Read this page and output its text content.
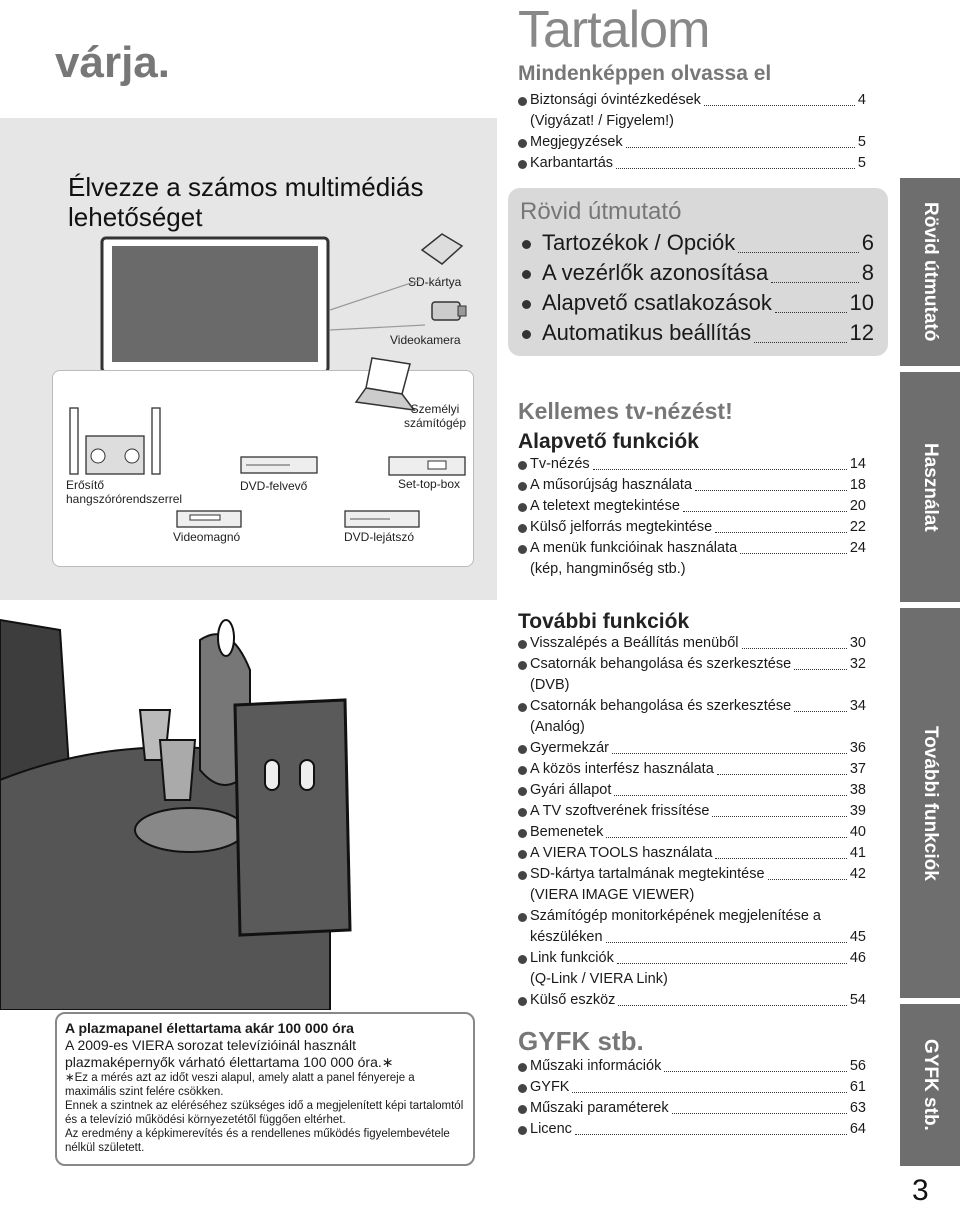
várja.
Élvezze a számos multimédiás lehetőséget
SD-kártya
Videokamera
Személyi számítógép
Erősítő hangszórórendszerrel
DVD-felvevő	Set-top-box
Videomagnó	DVD-lejátszó
A plazmapanel élettartama akár 100 000 óra
A 2009-es VIERA sorozat televízióinál használt plazmaképernyők várható élettartama 100 000 óra.∗
∗Ez a mérés azt az időt veszi alapul, amely alatt a panel fényereje a maximális szint felére csökken.
Ennek a szintnek az eléréséhez szükséges idő a megjelenített képi tartalomtól és a televízió működési környezetétől függően eltérhet.
Az eredmény a képkimerevítés és a rendellenes működés figyelembevétele nélkül született.
Tartalom
Mindenképpen olvassa el
Biztonsági óvintézkedések	4
(Vigyázat! / Figyelem!)
Megjegyzések	5
Karbantartás	5
Rövid útmutató
Tartozékok / Opciók	6
A vezérlők azonosítása	8
Alapvető csatlakozások	10
Automatikus beállítás	12
Kellemes tv-nézést!
Alapvető funkciók
Tv-nézés	14
A műsorújság használata	18
A teletext megtekintése	20
Külső jelforrás megtekintése	22
A menük funkcióinak használata	24
(kép, hangminőség stb.)
További funkciók
Visszalépés a Beállítás menüből	30
Csatornák behangolása és szerkesztése	32
(DVB)
Csatornák behangolása és szerkesztése	34
(Analóg)
Gyermekzár	36
A közös interfész használata	37
Gyári állapot	38
A TV szoftverének frissítése	39
Bemenetek	40
A VIERA TOOLS használata	41
SD-kártya tartalmának megtekintése	42
(VIERA IMAGE VIEWER)
Számítógép monitorképének megjelenítése a
készüléken	45
Link funkciók	46
(Q-Link / VIERA Link)
Külső eszköz	54
GYFK stb.
Műszaki információk	56
GYFK	61
Műszaki paraméterek	63
Licenc	64
Rövid útmutató
Használat
További funkciók
GYFK stb.
3
